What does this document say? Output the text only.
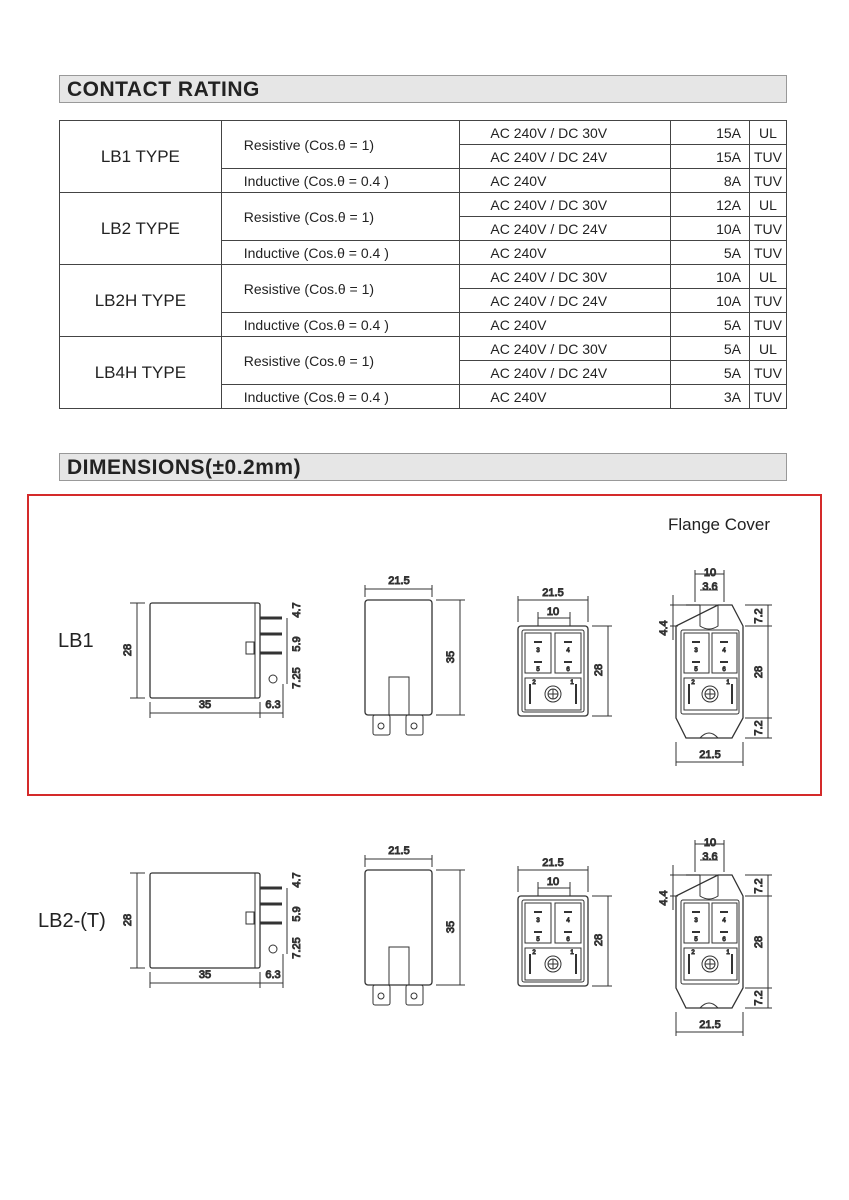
CONTACT RATING
LB1 TYPE	Resistive (Cos.θ = 1)	AC 240V / DC 30V	15A	UL
		AC 240V / DC 24V	15A	TUV
	Inductive (Cos.θ = 0.4 )	AC 240V	8A	TUV
LB2 TYPE	Resistive (Cos.θ = 1)	AC 240V / DC 30V	12A	UL
		AC 240V / DC 24V	10A	TUV
	Inductive (Cos.θ = 0.4 )	AC 240V	5A	TUV
LB2H TYPE	Resistive (Cos.θ = 1)	AC 240V / DC 30V	10A	UL
		AC 240V / DC 24V	10A	TUV
	Inductive (Cos.θ = 0.4 )	AC 240V	5A	TUV
LB4H TYPE	Resistive (Cos.θ = 1)	AC 240V / DC 30V	5A	UL
		AC 240V / DC 24V	5A	TUV
	Inductive (Cos.θ = 0.4 )	AC 240V	3A	TUV
DIMENSIONS(±0.2mm)
Flange Cover
LB1
LB2-(T)
28
35	6.3
4.7
5.9
7.25
21.5
35	3	4
5	6
2	1
21.5
10
28
3	4
5	6
2	1
10
3.6
4.4
7.2
28
7.2
21.5
28
35	6.3
4.7
5.9
7.25
21.5
35	3	4
5	6
2	1
21.5
10
28
3	4
5	6
2	1
10
3.6
4.4
7.2
28
7.2
21.5
